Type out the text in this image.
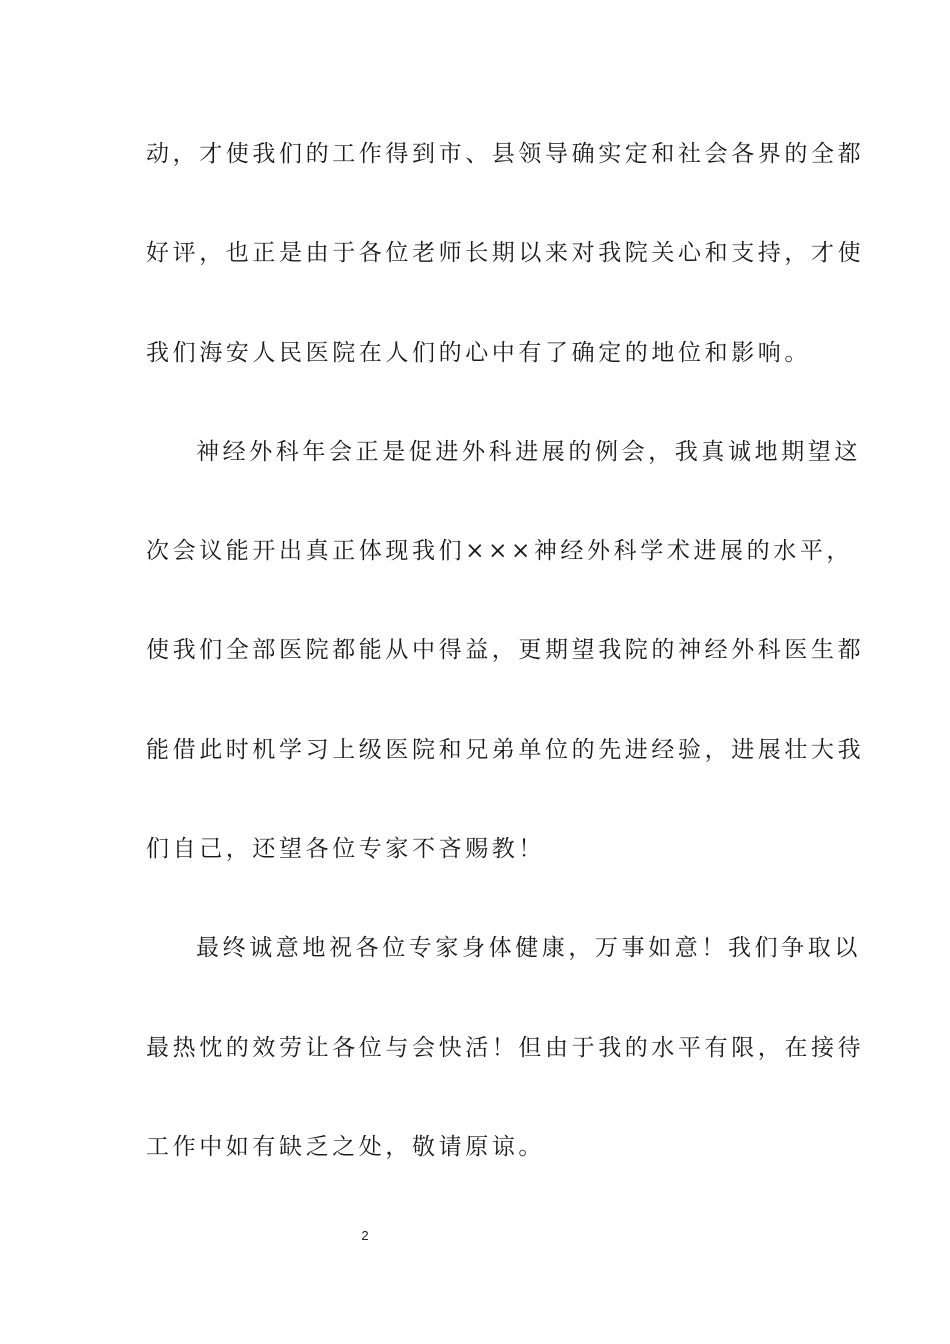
动，才使我们的工作得到市、县领导确实定和社会各界的全都
好评，也正是由于各位老师长期以来对我院关心和支持，才使
我们海安人民医院在人们的心中有了确定的地位和影响。
神经外科年会正是促进外科进展的例会，我真诚地期望这
次会议能开出真正体现我们×××神经外科学术进展的水平，
使我们全部医院都能从中得益，更期望我院的神经外科医生都
能借此时机学习上级医院和兄弟单位的先进经验，进展壮大我
们自己，还望各位专家不吝赐教！
最终诚意地祝各位专家身体健康，万事如意！我们争取以
最热忱的效劳让各位与会快活！但由于我的水平有限，在接待
工作中如有缺乏之处，敬请原谅。
2
